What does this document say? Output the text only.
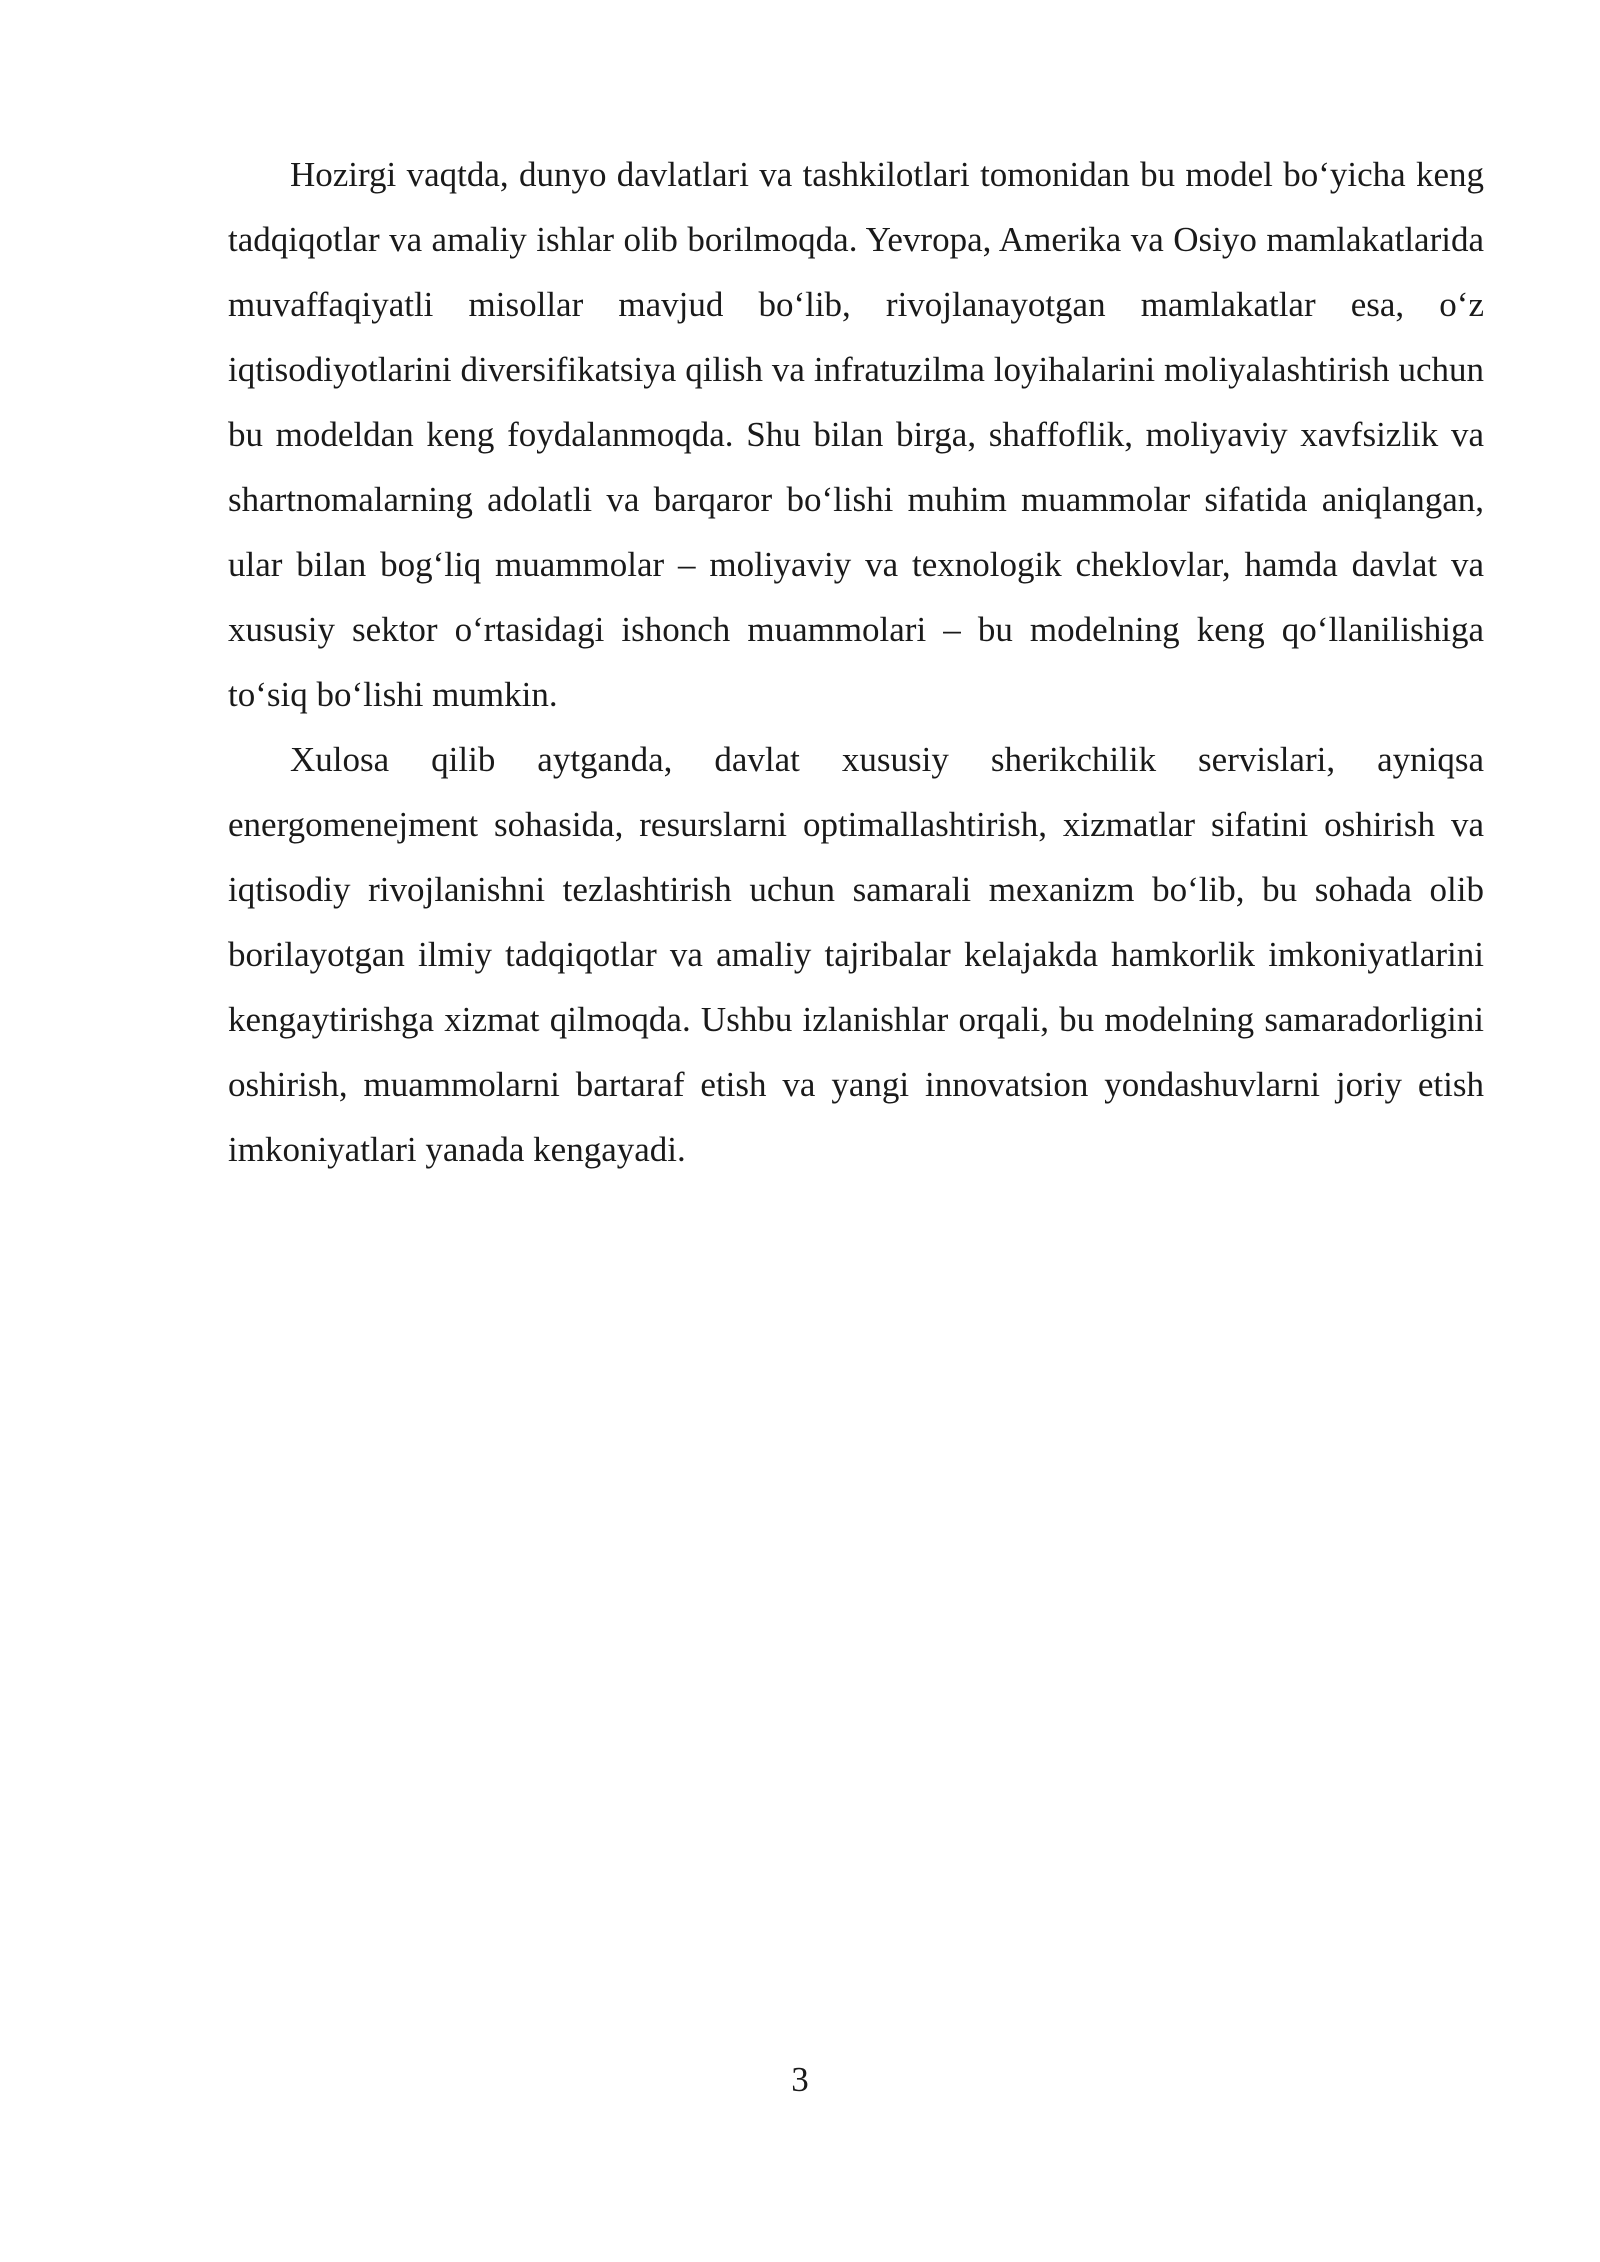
Hozirgi vaqtda, dunyo davlatlari va tashkilotlari tomonidan bu model bo‘yicha keng tadqiqotlar va amaliy ishlar olib borilmoqda. Yevropa, Amerika va Osiyo mamlakatlarida muvaffaqiyatli misollar mavjud bo‘lib, rivojlanayotgan mamlakatlar esa, o‘z iqtisodiyotlarini diversifikatsiya qilish va infratuzilma loyihalarini moliyalashtirish uchun bu modeldan keng foydalanmoqda. Shu bilan birga, shaffoflik, moliyaviy xavfsizlik va shartnomalarning adolatli va barqaror bo‘lishi muhim muammolar sifatida aniqlangan, ular bilan bog‘liq muammolar – moliyaviy va texnologik cheklovlar, hamda davlat va xususiy sektor o‘rtasidagi ishonch muammolari – bu modelning keng qo‘llanilishiga to‘siq bo‘lishi mumkin.

Xulosa qilib aytganda, davlat xususiy sherikchilik servislari, ayniqsa energomenejment sohasida, resurslarni optimallashtirish, xizmatlar sifatini oshirish va iqtisodiy rivojlanishni tezlashtirish uchun samarali mexanizm bo‘lib, bu sohada olib borilayotgan ilmiy tadqiqotlar va amaliy tajribalar kelajakda hamkorlik imkoniyatlarini kengaytirishga xizmat qilmoqda. Ushbu izlanishlar orqali, bu modelning samaradorligini oshirish, muammolarni bartaraf etish va yangi innovatsion yondashuvlarni joriy etish imkoniyatlari yanada kengayadi.

3
